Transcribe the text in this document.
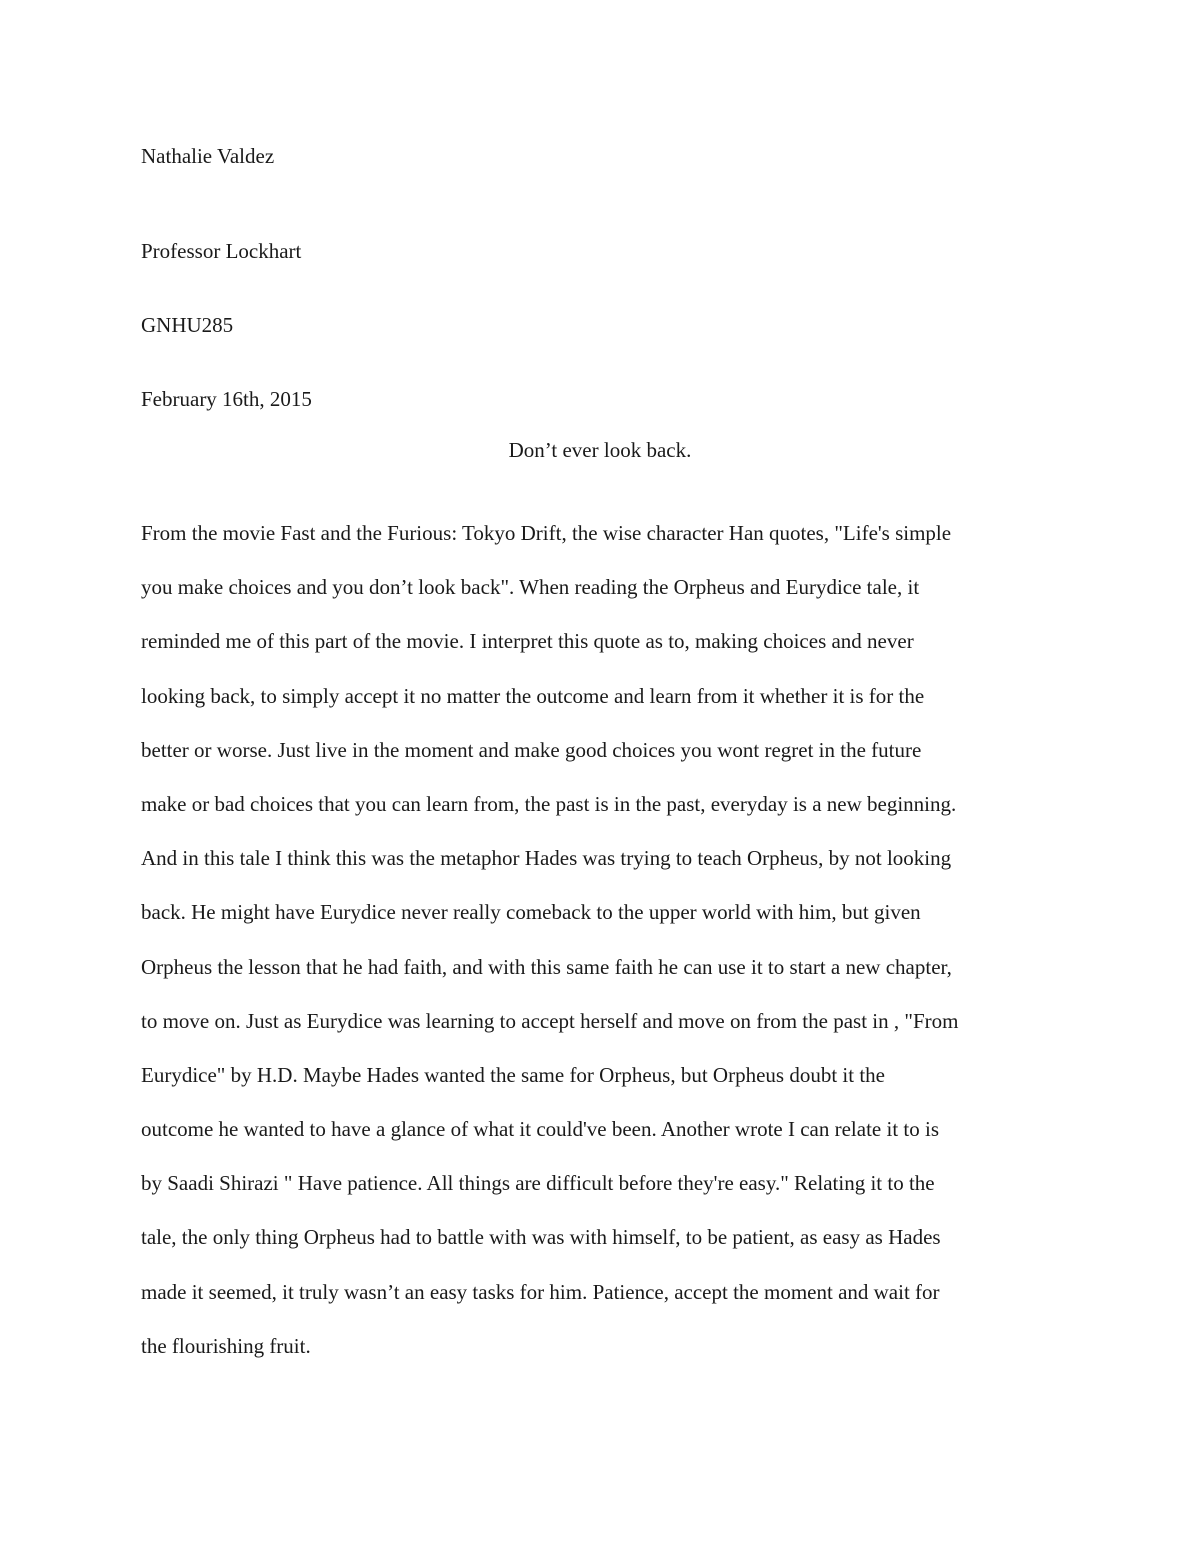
Nathalie Valdez
Professor Lockhart
GNHU285
February 16th, 2015
Don’t ever look back.
From the movie Fast and the Furious: Tokyo Drift, the wise character Han quotes, "Life's simple
you make choices and you don’t look back". When reading the Orpheus and Eurydice tale, it
reminded me of this part of the movie. I interpret this quote as to, making choices and never
looking back, to simply accept it no matter the outcome and learn from it whether it is for the
better or worse. Just live in the moment and make good choices you wont regret in the future
make or bad choices that you can learn from, the past is in the past, everyday is a new beginning.
And in this tale I think this was the metaphor Hades was trying to teach Orpheus, by not looking
back. He might have Eurydice never really comeback to the upper world with him, but given
Orpheus the lesson that he had faith, and with this same faith he can use it to start a new chapter,
to move on. Just as Eurydice was learning to accept herself and move on from the past in , "From
Eurydice" by H.D. Maybe Hades wanted the same for Orpheus, but Orpheus doubt it the
outcome he wanted to have a glance of what it could've been. Another wrote I can relate it to is
by Saadi Shirazi " Have patience. All things are difficult before they're easy." Relating it to the
tale, the only thing Orpheus had to battle with was with himself, to be patient, as easy as Hades
made it seemed, it truly wasn’t an easy tasks for him. Patience, accept the moment and wait for
the flourishing fruit.
